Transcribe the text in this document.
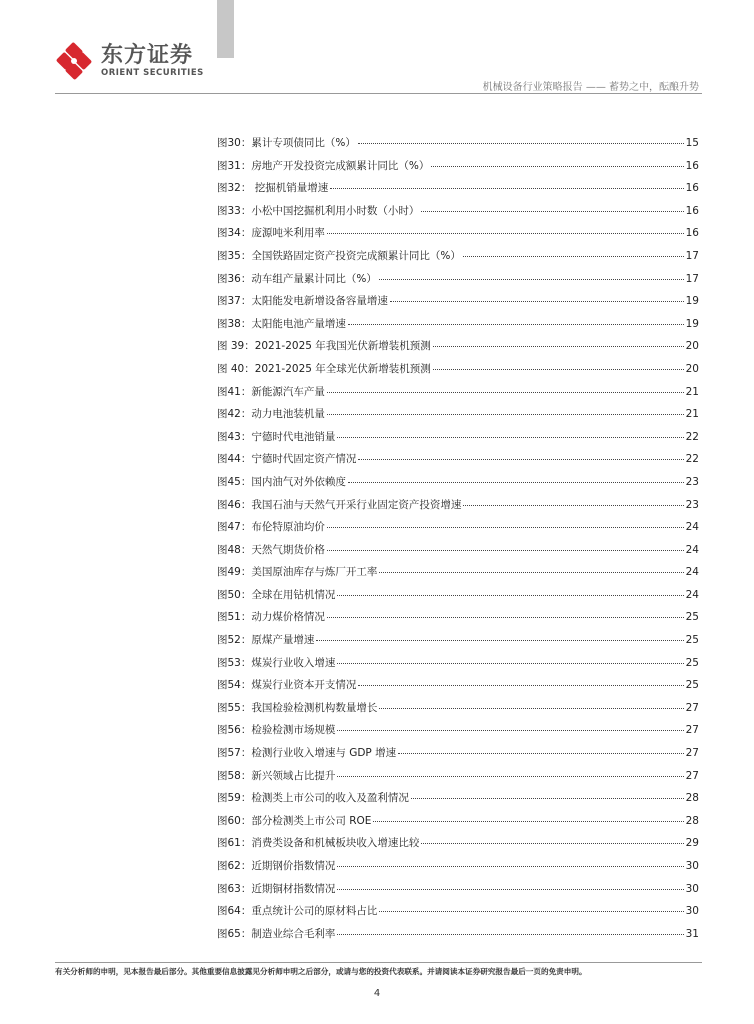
东方证券
ORIENT SECURITIES
机械设备行业策略报告 —— 蓄势之中，酝酿升势
图30：累计专项债同比（%）	15
图31：房地产开发投资完成额累计同比（%）	16
图32： 挖掘机销量增速	16
图33：小松中国挖掘机利用小时数（小时）	16
图34：庞源吨米利用率	16
图35：全国铁路固定资产投资完成额累计同比（%）	17
图36：动车组产量累计同比（%）	17
图37：太阳能发电新增设备容量增速	19
图38：太阳能电池产量增速	19
图 39：2021-2025 年我国光伏新增装机预测	20
图 40：2021-2025 年全球光伏新增装机预测	20
图41：新能源汽车产量	21
图42：动力电池装机量	21
图43：宁德时代电池销量	22
图44：宁德时代固定资产情况	22
图45：国内油气对外依赖度	23
图46：我国石油与天然气开采行业固定资产投资增速	23
图47：布伦特原油均价	24
图48：天然气期货价格	24
图49：美国原油库存与炼厂开工率	24
图50：全球在用钻机情况	24
图51：动力煤价格情况	25
图52：原煤产量增速	25
图53：煤炭行业收入增速	25
图54：煤炭行业资本开支情况	25
图55：我国检验检测机构数量增长	27
图56：检验检测市场规模	27
图57：检测行业收入增速与 GDP 增速	27
图58：新兴领域占比提升	27
图59：检测类上市公司的收入及盈利情况	28
图60：部分检测类上市公司 ROE	28
图61：消费类设备和机械板块收入增速比较	29
图62：近期钢价指数情况	30
图63：近期铜材指数情况	30
图64：重点统计公司的原材料占比	30
图65：制造业综合毛利率	31
有关分析师的申明，见本报告最后部分。其他重要信息披露见分析师申明之后部分，或请与您的投资代表联系。并请阅读本证券研究报告最后一页的免责申明。
4
